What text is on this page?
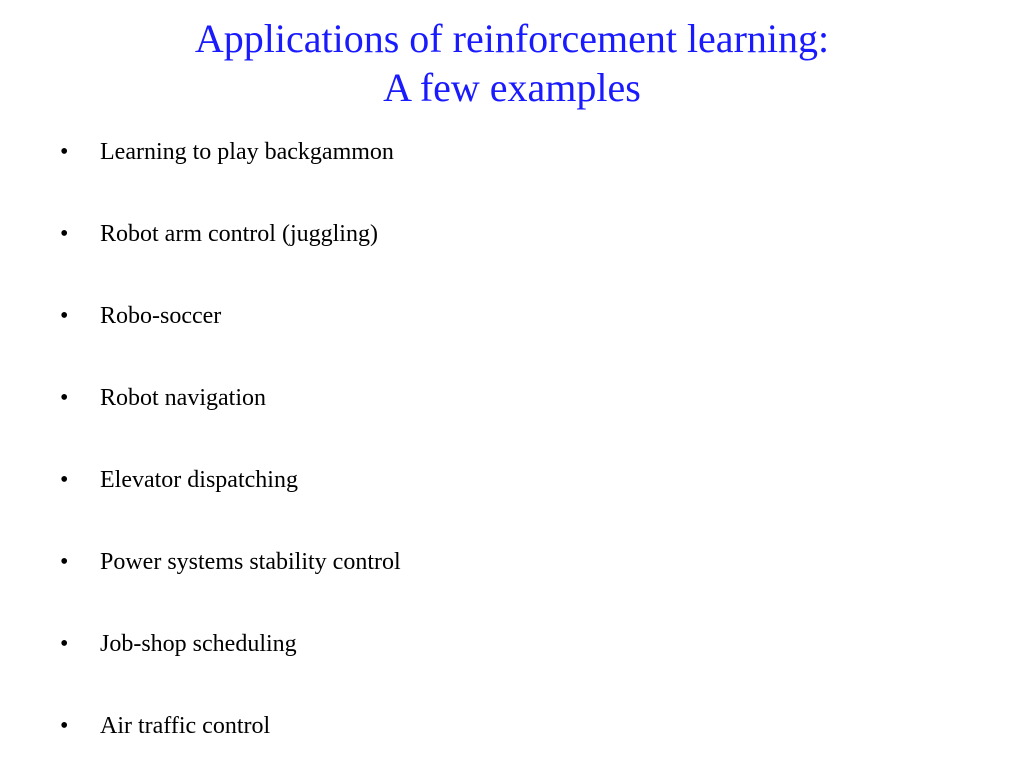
Applications of reinforcement learning:
A few examples
•	Learning to play backgammon
•	Robot arm control (juggling)
•	Robo-soccer
•	Robot navigation
•	Elevator dispatching
•	Power systems stability control
•	Job-shop scheduling
•	Air traffic control
